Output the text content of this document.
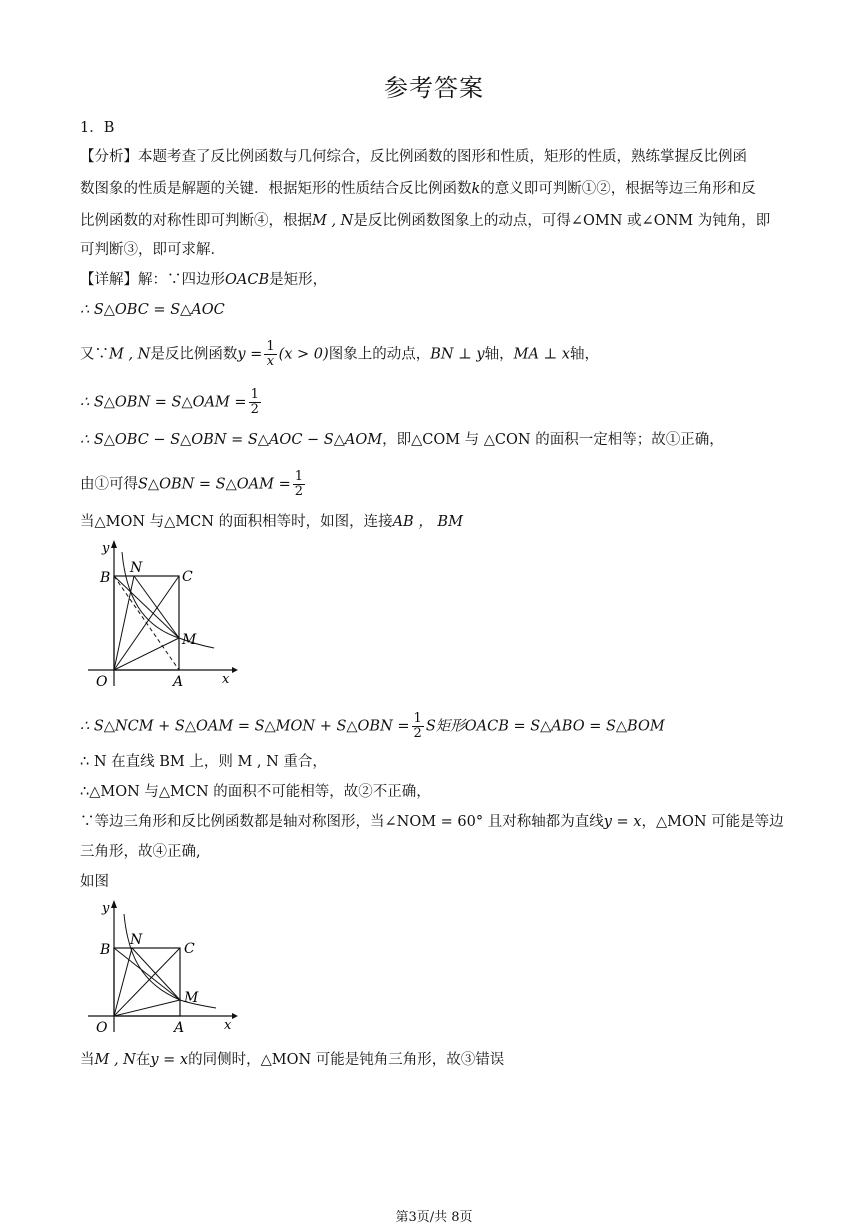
参考答案
1．B
【分析】本题考查了反比例函数与几何综合，反比例函数的图形和性质，矩形的性质，熟练掌握反比例函
数图象的性质是解题的关键．根据矩形的性质结合反比例函数k的意义即可判断①②，根据等边三角形和反
比例函数的对称性即可判断④，根据M , N是反比例函数图象上的动点，可得∠OMN 或∠ONM 为钝角，即
可判断③，即可求解．
【详解】解：∵四边形OACB是矩形，
∴ S△OBC = S△AOC
又∵M , N是反比例函数$y = \frac{1}{x} (x > 0)$图象上的动点，BN ⊥ y轴，MA ⊥ x轴，
∴ S△OBN = S△OAM = $\frac{1}{2}$
∴ S△OBC − S△OBN = S△AOC − S△AOM，即△COM 与 △CON 的面积一定相等；故①正确，
由①可得S△OBN = S△OAM = $\frac{1}{2}$
当△MON 与△MCN 的面积相等时，如图，连接AB ， BM
y
x
O	A
B	C
N
M
∴ S△NCM + S△OAM = S△MON + S△OBN = $\frac{1}{2}$ S矩形OACB = S△ABO = S△BOM
∴ N 在直线 BM 上，则 M , N 重合，
∴△MON 与△MCN 的面积不可能相等，故②不正确，
∵等边三角形和反比例函数都是轴对称图形，当∠NOM = 60° 且对称轴都为直线y = x，△MON 可能是等边
三角形，故④正确,
如图
y
x
O	A
B	C
N
M
当M , N在y = x的同侧时，△MON 可能是钝角三角形，故③错误
第3页/共 8页
